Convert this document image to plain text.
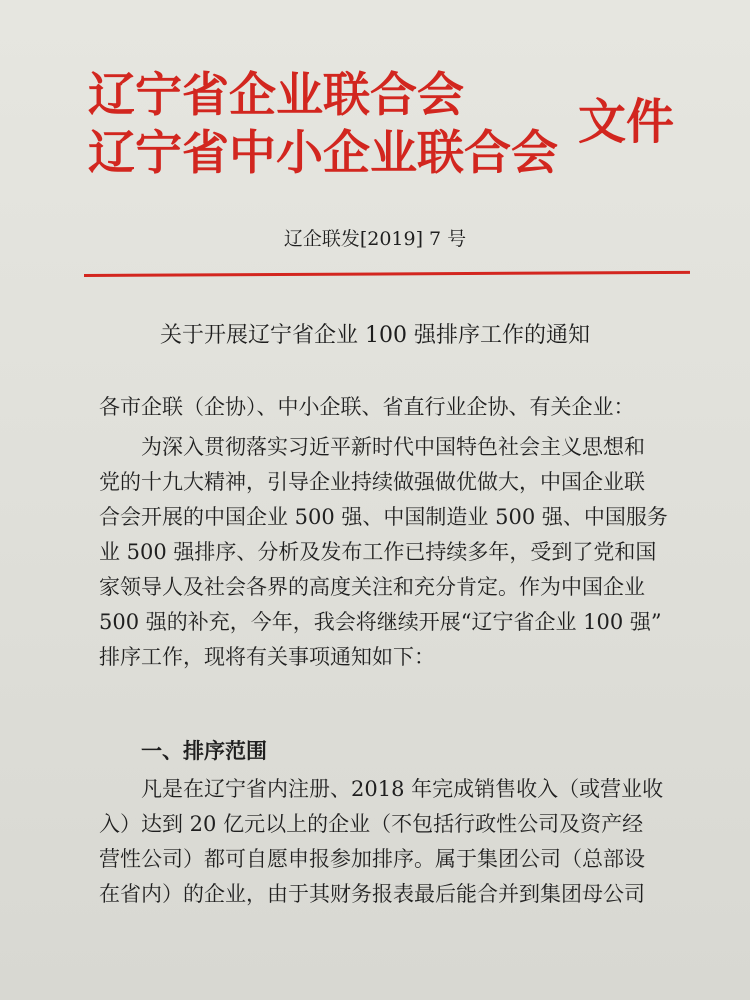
辽宁省企业联合会
辽宁省中小企业联合会
文件
辽企联发[2019] 7 号
关于开展辽宁省企业 100 强排序工作的通知
各市企联（企协）、中小企联、省直行业企协、有关企业：
为深入贯彻落实习近平新时代中国特色社会主义思想和
党的十九大精神，引导企业持续做强做优做大，中国企业联
合会开展的中国企业 500 强、中国制造业 500 强、中国服务
业 500 强排序、分析及发布工作已持续多年，受到了党和国
家领导人及社会各界的高度关注和充分肯定。作为中国企业
500 强的补充，今年，我会将继续开展“辽宁省企业 100 强”
排序工作，现将有关事项通知如下：
一、排序范围
凡是在辽宁省内注册、2018 年完成销售收入（或营业收
入）达到 20 亿元以上的企业（不包括行政性公司及资产经
营性公司）都可自愿申报参加排序。属于集团公司（总部设
在省内）的企业，由于其财务报表最后能合并到集团母公司
